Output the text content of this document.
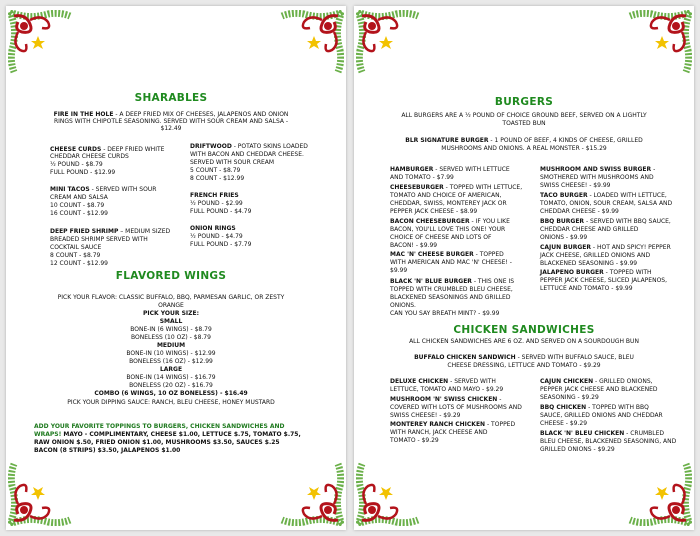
SHARABLES
FIRE IN THE HOLE - A DEEP FRIED MIX OF CHEESES, JALAPENOS AND ONION
RINGS WITH CHIPOTLE SEASONING. SERVED WITH SOUR CREAM AND SALSA -
$12.49
CHEESE CURDS - DEEP FRIED WHITE
CHEDDAR CHEESE CURDS
½ POUND - $8.79
FULL POUND - $12.99
MINI TACOS - SERVED WITH SOUR
CREAM AND SALSA
10 COUNT - $8.79
16 COUNT - $12.99
DEEP FRIED SHRIMP – MEDIUM SIZED
BREADED SHRIMP SERVED WITH
COCKTAIL SAUCE
8 COUNT - $8.79
12 COUNT - $12.99
DRIFTWOOD - POTATO SKINS LOADED
WITH BACON AND CHEDDAR CHEESE.
SERVED WITH SOUR CREAM
5 COUNT - $8.79
8 COUNT - $12.99
FRENCH FRIES
½ POUND - $2.99
FULL POUND - $4.79
ONION RINGS
½ POUND - $4.79
FULL POUND - $7.79
FLAVORED WINGS
PICK YOUR FLAVOR: CLASSIC BUFFALO, BBQ, PARMESAN GARLIC, OR ZESTY
ORANGE
PICK YOUR SIZE:
SMALL
BONE-IN (6 WINGS) - $8.79
BONELESS (10 OZ) - $8.79
MEDIUM
BONE-IN (10 WINGS) - $12.99
BONELESS (16 OZ) - $12.99
LARGE
BONE-IN (14 WINGS) - $16.79
BONELESS (20 OZ) - $16.79
COMBO (6 WINGS, 10 OZ BONELESS) - $16.49
PICK YOUR DIPPING SAUCE: RANCH, BLEU CHEESE, HONEY MUSTARD
ADD YOUR FAVORITE TOPPINGS TO BURGERS, CHICKEN SANDWICHES AND
WRAPS! MAYO - COMPLIMENTARY, CHEESE $1.00, LETTUCE $.75, TOMATO $.75,
RAW ONION $.50, FRIED ONION $1.00, MUSHROOMS $3.50, SAUCES $.25
BACON (8 STRIPS) $3.50, JALAPENOS $1.00
BURGERS
ALL BURGERS ARE A ½ POUND OF CHOICE GROUND BEEF, SERVED ON A LIGHTLY
TOASTED BUN
BLR SIGNATURE BURGER - 1 POUND OF BEEF, 4 KINDS OF CHEESE, GRILLED
MUSHROOMS AND ONIONS. A REAL MONSTER - $15.29
HAMBURGER - SERVED WITH LETTUCE
AND TOMATO - $7.99
CHEESEBURGER - TOPPED WITH LETTUCE,
TOMATO AND CHOICE OF AMERICAN,
CHEDDAR, SWISS, MONTEREY JACK OR
PEPPER JACK CHEESE - $8.99
BACON CHEESEBURGER - IF YOU LIKE
BACON, YOU'LL LOVE THIS ONE! YOUR
CHOICE OF CHEESE AND LOTS OF
BACON! - $9.99
MAC 'N' CHEESE BURGER - TOPPED
WITH AMERICAN AND MAC 'N' CHEESE! -
$9.99
BLACK 'N' BLUE BURGER - THIS ONE IS
TOPPED WITH CRUMBLED BLEU CHEESE,
BLACKENED SEASONINGS AND GRILLED
ONIONS.
CAN YOU SAY BREATH MINT? - $9.99
MUSHROOM AND SWISS BURGER -
SMOTHERED WITH MUSHROOMS AND
SWISS CHEESE! - $9.99
TACO BURGER - LOADED WITH LETTUCE,
TOMATO, ONION, SOUR CREAM, SALSA AND
CHEDDAR CHEESE - $9.99
BBQ BURGER - SERVED WITH BBQ SAUCE,
CHEDDAR CHEESE AND GRILLED
ONIONS - $9.99
CAJUN BURGER - HOT AND SPICY! PEPPER
JACK CHEESE, GRILLED ONIONS AND
BLACKENED SEASONING - $9.99
JALAPENO BURGER - TOPPED WITH
PEPPER JACK CHEESE, SLICED JALAPENOS,
LETTUCE AND TOMATO - $9.99
CHICKEN SANDWICHES
ALL CHICKEN SANDWICHES ARE 6 OZ. AND SERVED ON A SOURDOUGH BUN
BUFFALO CHICKEN SANDWICH - SERVED WITH BUFFALO SAUCE, BLEU
CHEESE DRESSING, LETTUCE AND TOMATO - $9.29
DELUXE CHICKEN - SERVED WITH
LETTUCE, TOMATO AND MAYO - $9.29
MUSHROOM 'N' SWISS CHICKEN -
COVERED WITH LOTS OF MUSHROOMS AND
SWISS CHEESE! - $9.29
MONTEREY RANCH CHICKEN - TOPPED
WITH RANCH, JACK CHEESE AND
TOMATO - $9.29
CAJUN CHICKEN - GRILLED ONIONS,
PEPPER JACK CHEESE AND BLACKENED
SEASONING - $9.29
BBQ CHICKEN - TOPPED WITH BBQ
SAUCE, GRILLED ONIONS AND CHEDDAR
CHEESE - $9.29
BLACK 'N' BLEU CHICKEN - CRUMBLED
BLEU CHEESE, BLACKENED SEASONING, AND
GRILLED ONIONS - $9.29
